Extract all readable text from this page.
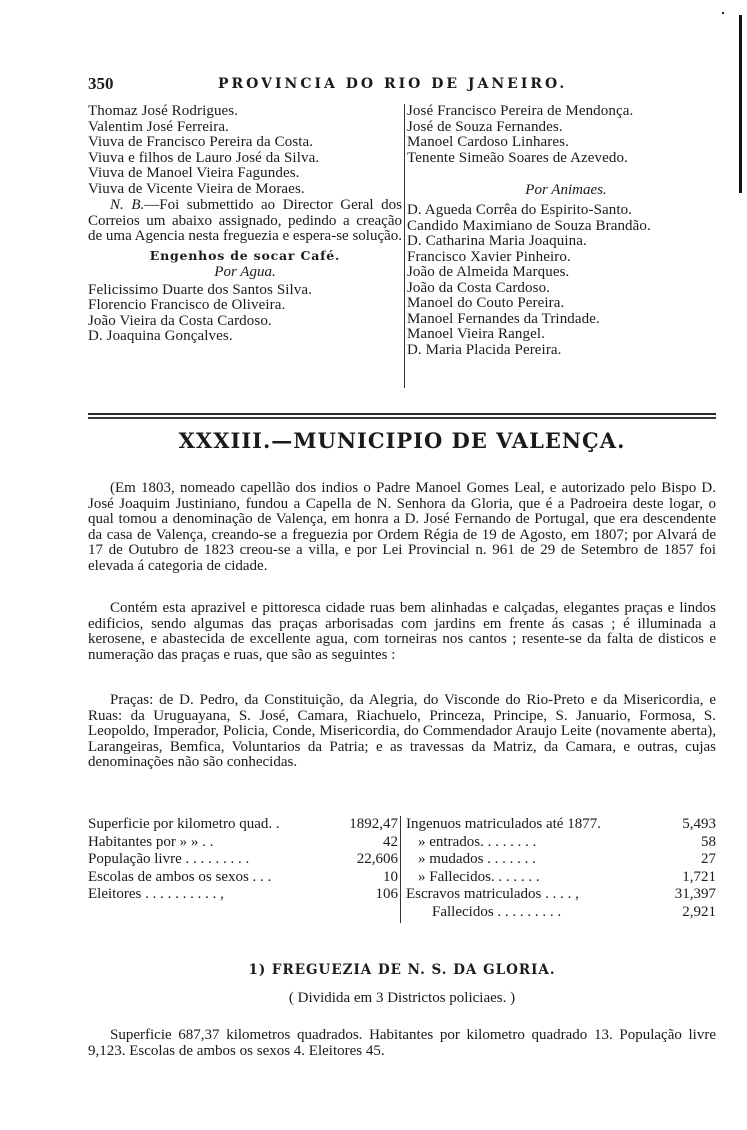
350	PROVINCIA DO RIO DE JANEIRO.
Thomaz José Rodrigues.
Valentim José Ferreira.
Viuva de Francisco Pereira da Costa.
Viuva e filhos de Lauro José da Silva.
Viuva de Manoel Vieira Fagundes.
Viuva de Vicente Vieira de Moraes.
N. B.—Foi submettido ao Director Geral dos Correios um abaixo assignado, pedindo a creação de uma Agencia nesta freguezia e espera-se solução.
Engenhos de socar Café.
Por Agua.
Felicissimo Duarte dos Santos Silva.
Florencio Francisco de Oliveira.
João Vieira da Costa Cardoso.
D. Joaquina Gonçalves.
José Francisco Pereira de Mendonça.
José de Souza Fernandes.
Manoel Cardoso Linhares.
Tenente Simeão Soares de Azevedo.
Por Animaes.
D. Agueda Corrêa do Espirito-Santo.
Candido Maximiano de Souza Brandão.
D. Catharina Maria Joaquina.
Francisco Xavier Pinheiro.
João de Almeida Marques.
João da Costa Cardoso.
Manoel do Couto Pereira.
Manoel Fernandes da Trindade.
Manoel Vieira Rangel.
D. Maria Placida Pereira.
XXXIII.—MUNICIPIO DE VALENÇA.
(Em 1803, nomeado capellão dos indios o Padre Manoel Gomes Leal, e autorizado pelo Bispo D. José Joaquim Justiniano, fundou a Capella de N. Senhora da Gloria, que é a Padroeira deste logar, o qual tomou a denominação de Valença, em honra a D. José Fernando de Portugal, que era descendente da casa de Valença, creando-se a freguezia por Ordem Régia de 19 de Agosto, em 1807; por Alvará de 17 de Outubro de 1823 creou-se a villa, e por Lei Provincial n. 961 de 29 de Setembro de 1857 foi elevada á categoria de cidade.
Contém esta aprazivel e pittoresca cidade ruas bem alinhadas e calçadas, elegantes praças e lindos edificios, sendo algumas das praças arborisadas com jardins em frente ás casas ; é illuminada a kerosene, e abastecida de excellente agua, com torneiras nos cantos ; resente-se da falta de disticos e numeração das praças e ruas, que são as seguintes :
Praças: de D. Pedro, da Constituição, da Alegria, do Visconde do Rio-Preto e da Misericordia, e Ruas: da Uruguayana, S. José, Camara, Riachuelo, Princeza, Principe, S. Januario, Formosa, S. Leopoldo, Imperador, Policia, Conde, Misericordia, do Commendador Araujo Leite (novamente aberta), Larangeiras, Bemfica, Voluntarios da Patria; e as travessas da Matriz, da Camara, e outras, cujas denominações não são conhecidas.
Superficie por kilometro quad. .	1892,47
Habitantes por » » . .	42
População livre . . . . . . . . .	22,606
Escolas de ambos os sexos . . .	10
Eleitores . . . . . . . . . . ,	106
Ingenuos matriculados até 1877.	5,493
» entrados. . . . . . . .	58
» mudados . . . . . . .	27
» Fallecidos. . . . . . .	1,721
Escravos matriculados . . . . ,	31,397
Fallecidos . . . . . . . . .	2,921
1) FREGUEZIA DE N. S. DA GLORIA.
( Dividida em 3 Districtos policiaes. )
Superficie 687,37 kilometros quadrados. Habitantes por kilometro quadrado 13. População livre 9,123. Escolas de ambos os sexos 4. Eleitores 45.
